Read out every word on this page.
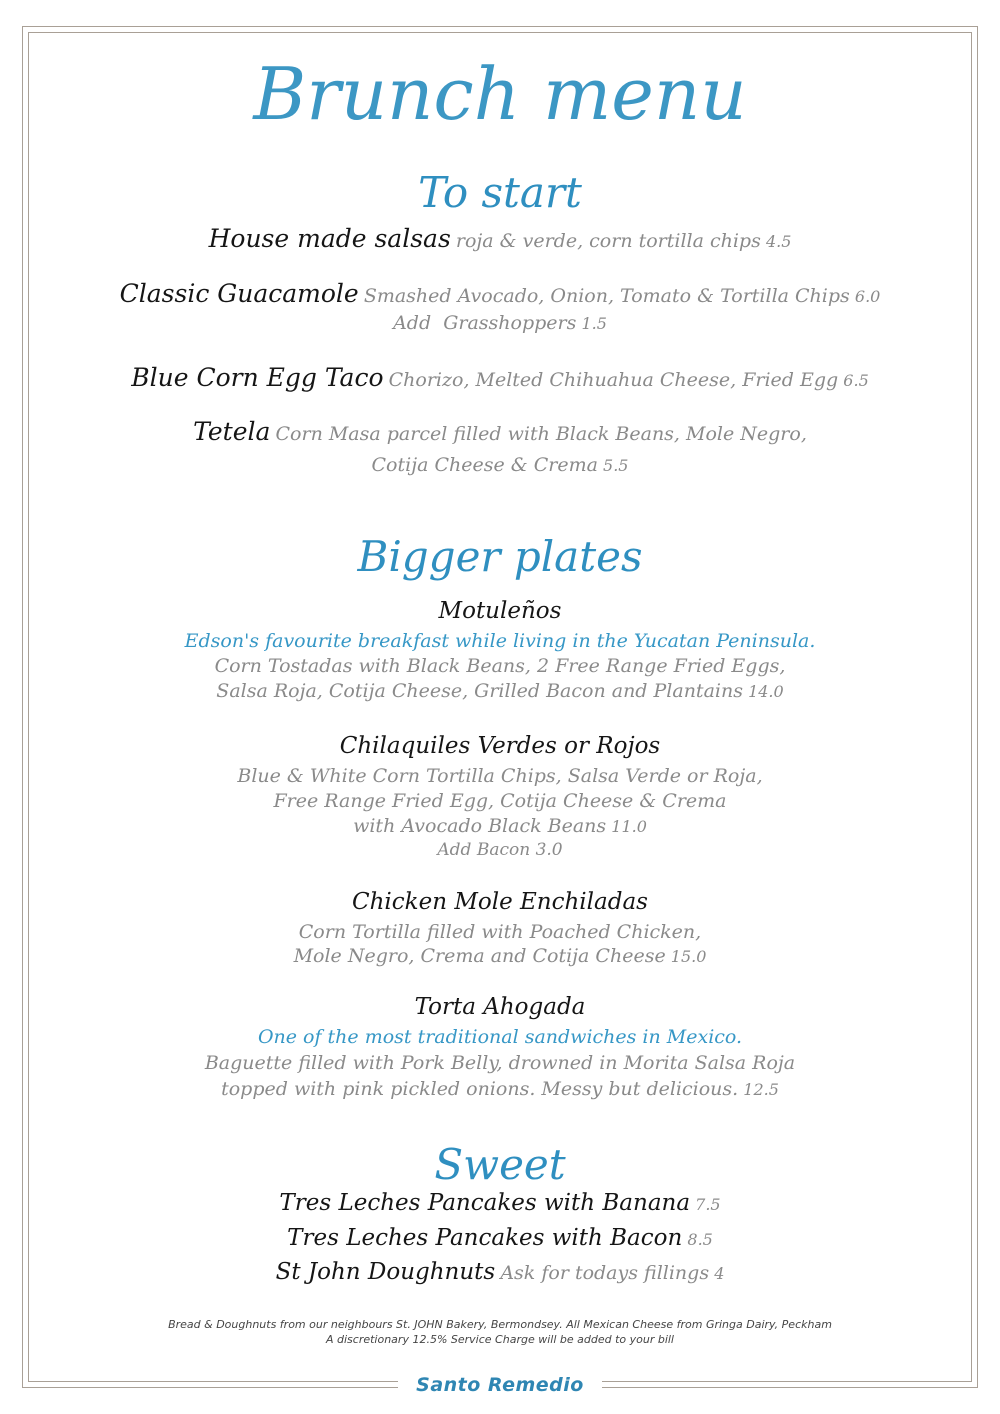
Brunch menu
To start
House made salsas roja & verde, corn tortilla chips 4.5
Classic Guacamole Smashed Avocado, Onion, Tomato & Tortilla Chips 6.0
Add  Grasshoppers 1.5
Blue Corn Egg Taco Chorizo, Melted Chihuahua Cheese, Fried Egg 6.5
Tetela Corn Masa parcel filled with Black Beans, Mole Negro,
Cotija Cheese & Crema 5.5
Bigger plates
Motuleños
Edson's favourite breakfast while living in the Yucatan Peninsula.
Corn Tostadas with Black Beans, 2 Free Range Fried Eggs,
Salsa Roja, Cotija Cheese, Grilled Bacon and Plantains 14.0
Chilaquiles Verdes or Rojos
Blue & White Corn Tortilla Chips, Salsa Verde or Roja,
Free Range Fried Egg, Cotija Cheese & Crema
with Avocado Black Beans 11.0
Add Bacon 3.0
Chicken Mole Enchiladas
Corn Tortilla filled with Poached Chicken,
Mole Negro, Crema and Cotija Cheese 15.0
Torta Ahogada
One of the most traditional sandwiches in Mexico.
Baguette filled with Pork Belly, drowned in Morita Salsa Roja
topped with pink pickled onions. Messy but delicious. 12.5
Sweet
Tres Leches Pancakes with Banana 7.5
Tres Leches Pancakes with Bacon 8.5
St John Doughnuts Ask for todays fillings 4
Bread & Doughnuts from our neighbours St. JOHN Bakery, Bermondsey. All Mexican Cheese from Gringa Dairy, Peckham
A discretionary 12.5% Service Charge will be added to your bill
Santo Remedio
